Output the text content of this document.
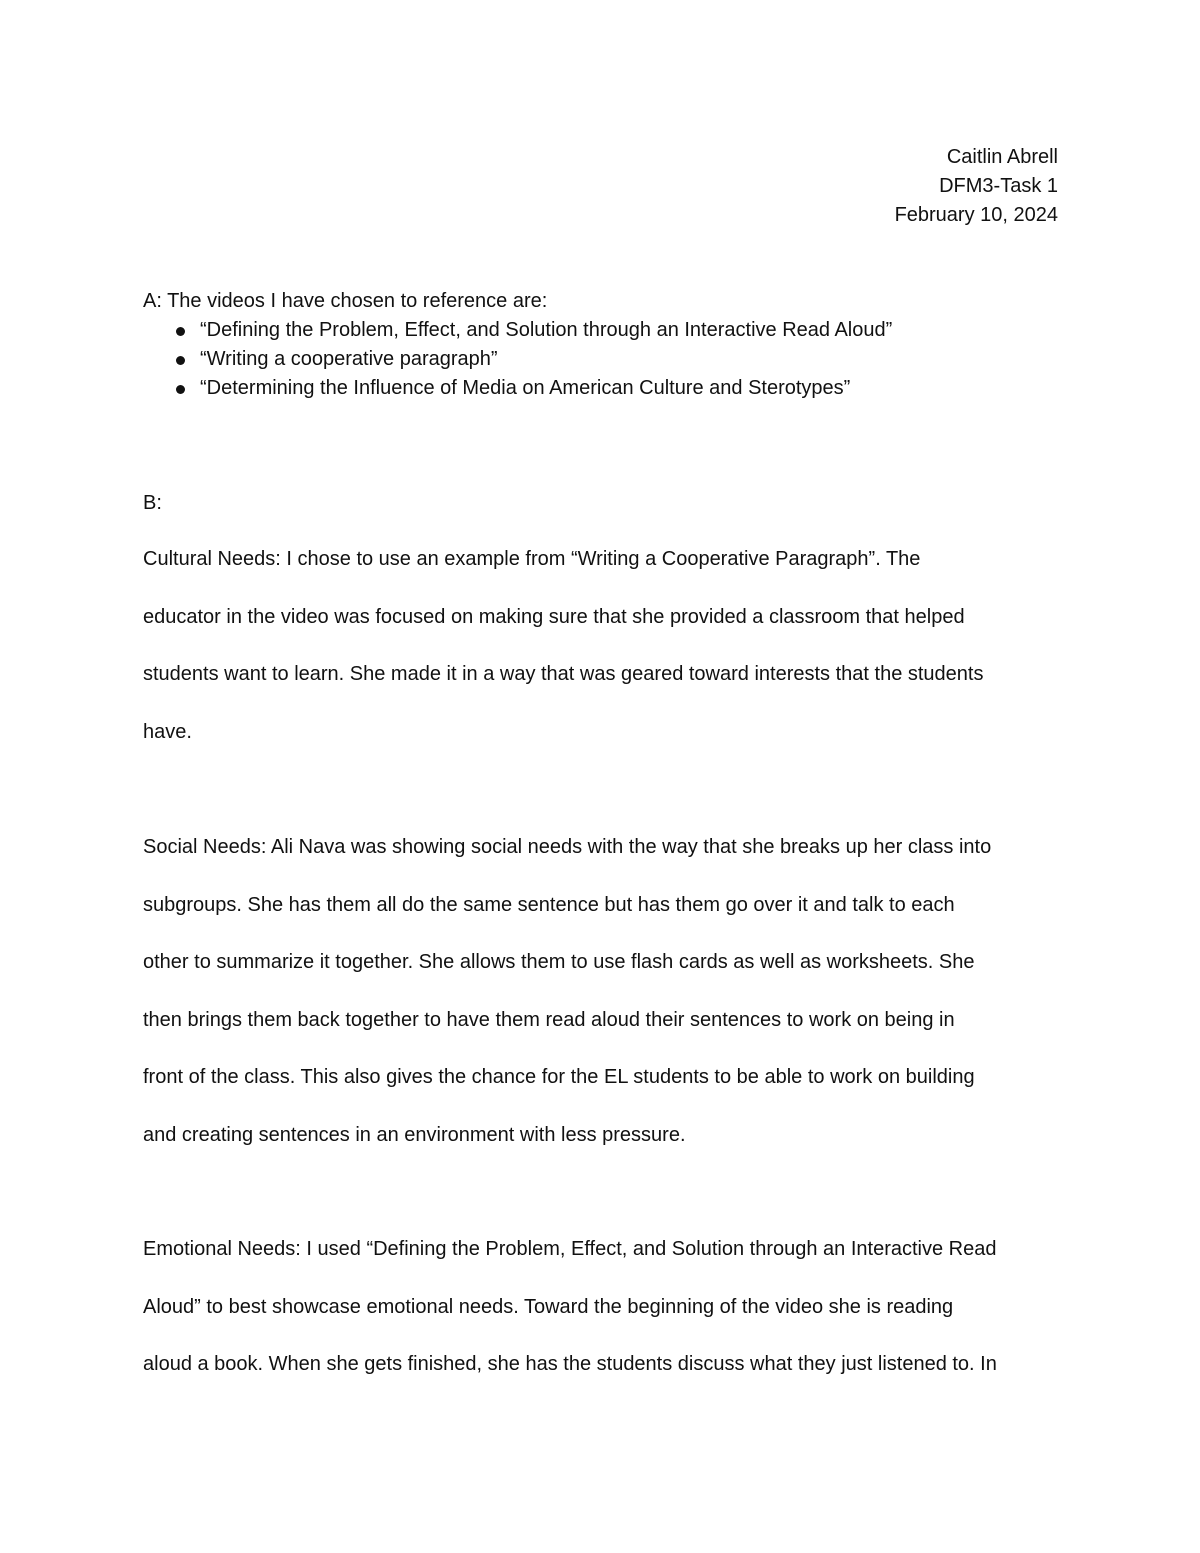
Caitlin Abrell
DFM3-Task 1
February 10, 2024
A: The videos I have chosen to reference are:
“Defining the Problem, Effect, and Solution through an Interactive Read Aloud”
“Writing a cooperative paragraph”
“Determining the Influence of Media on American Culture and Sterotypes”
B:
Cultural Needs: I chose to use an example from “Writing a Cooperative Paragraph”. The
educator in the video was focused on making sure that she provided a classroom that helped
students want to learn. She made it in a way that was geared toward interests that the students
have.
Social Needs: Ali Nava was showing social needs with the way that she breaks up her class into
subgroups. She has them all do the same sentence but has them go over it and talk to each
other to summarize it together. She allows them to use flash cards as well as worksheets. She
then brings them back together to have them read aloud their sentences to work on being in
front of the class. This also gives the chance for the EL students to be able to work on building
and creating sentences in an environment with less pressure.
Emotional Needs: I used “Defining the Problem, Effect, and Solution through an Interactive Read
Aloud” to best showcase emotional needs. Toward the beginning of the video she is reading
aloud a book. When she gets finished, she has the students discuss what they just listened to. In
